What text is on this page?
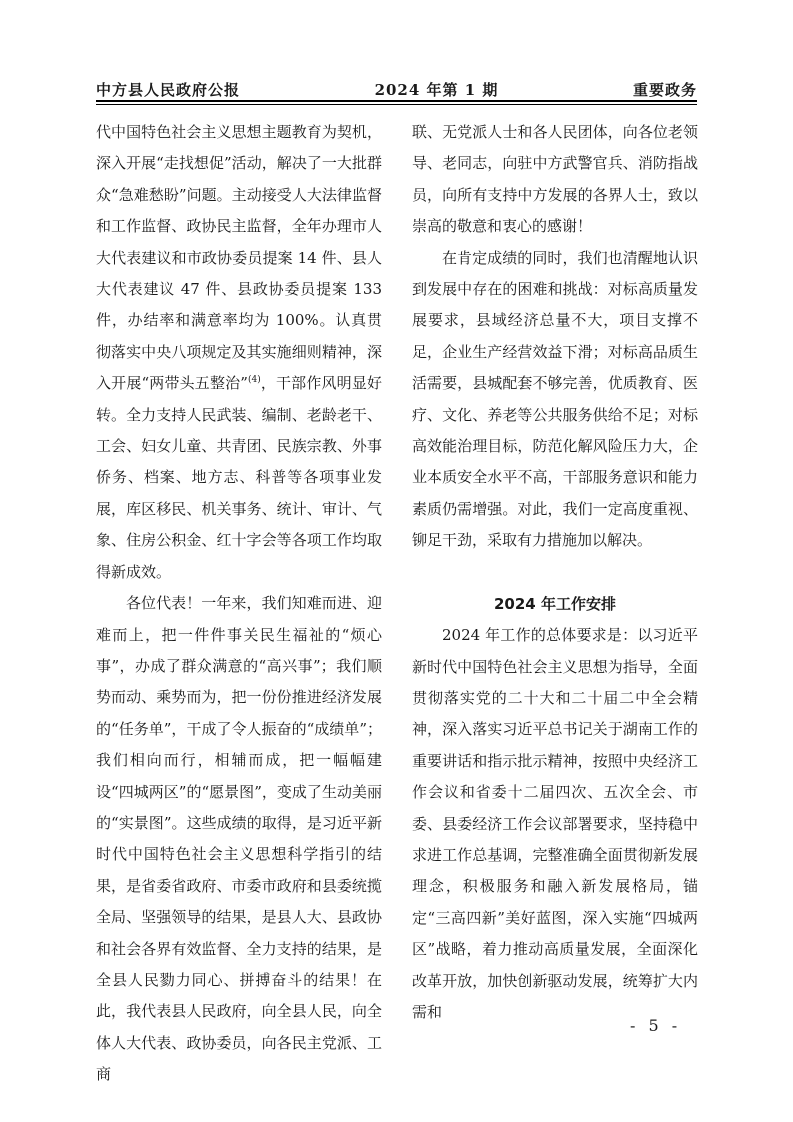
中方县人民政府公报	2024 年第 1 期	重要政务

代中国特色社会主义思想主题教育为契机，深入开展“走找想促”活动，解决了一大批群众“急难愁盼”问题。主动接受人大法律监督和工作监督、政协民主监督，全年办理市人大代表建议和市政协委员提案 14 件、县人大代表建议 47 件、县政协委员提案 133 件，办结率和满意率均为 100%。认真贯彻落实中央八项规定及其实施细则精神，深入开展“两带头五整治”$^{(4)}$，干部作风明显好转。全力支持人民武装、编制、老龄老干、工会、妇女儿童、共青团、民族宗教、外事侨务、档案、地方志、科普等各项事业发展，库区移民、机关事务、统计、审计、气象、住房公积金、红十字会等各项工作均取得新成效。

各位代表！一年来，我们知难而进、迎难而上，把一件件事关民生福祉的“烦心事”，办成了群众满意的“高兴事”；我们顺势而动、乘势而为，把一份份推进经济发展的“任务单”，干成了令人振奋的“成绩单”；我们相向而行，相辅而成，把一幅幅建设“四城两区”的“愿景图”，变成了生动美丽的“实景图”。这些成绩的取得，是习近平新时代中国特色社会主义思想科学指引的结果，是省委省政府、市委市政府和县委统揽全局、坚强领导的结果，是县人大、县政协和社会各界有效监督、全力支持的结果，是全县人民勠力同心、拼搏奋斗的结果！在此，我代表县人民政府，向全县人民，向全体人大代表、政协委员，向各民主党派、工商

联、无党派人士和各人民团体，向各位老领导、老同志，向驻中方武警官兵、消防指战员，向所有支持中方发展的各界人士，致以崇高的敬意和衷心的感谢！

在肯定成绩的同时，我们也清醒地认识到发展中存在的困难和挑战：对标高质量发展要求，县域经济总量不大，项目支撑不足，企业生产经营效益下滑；对标高品质生活需要，县城配套不够完善，优质教育、医疗、文化、养老等公共服务供给不足；对标高效能治理目标，防范化解风险压力大，企业本质安全水平不高，干部服务意识和能力素质仍需增强。对此，我们一定高度重视、铆足干劲，采取有力措施加以解决。

2024 年工作安排

2024 年工作的总体要求是：以习近平新时代中国特色社会主义思想为指导，全面贯彻落实党的二十大和二十届二中全会精神，深入落实习近平总书记关于湖南工作的重要讲话和指示批示精神，按照中央经济工作会议和省委十二届四次、五次全会、市委、县委经济工作会议部署要求，坚持稳中求进工作总基调，完整准确全面贯彻新发展理念，积极服务和融入新发展格局，锚定“三高四新”美好蓝图，深入实施“四城两区”战略，着力推动高质量发展，全面深化改革开放，加快创新驱动发展，统筹扩大内需和

- 5 -
